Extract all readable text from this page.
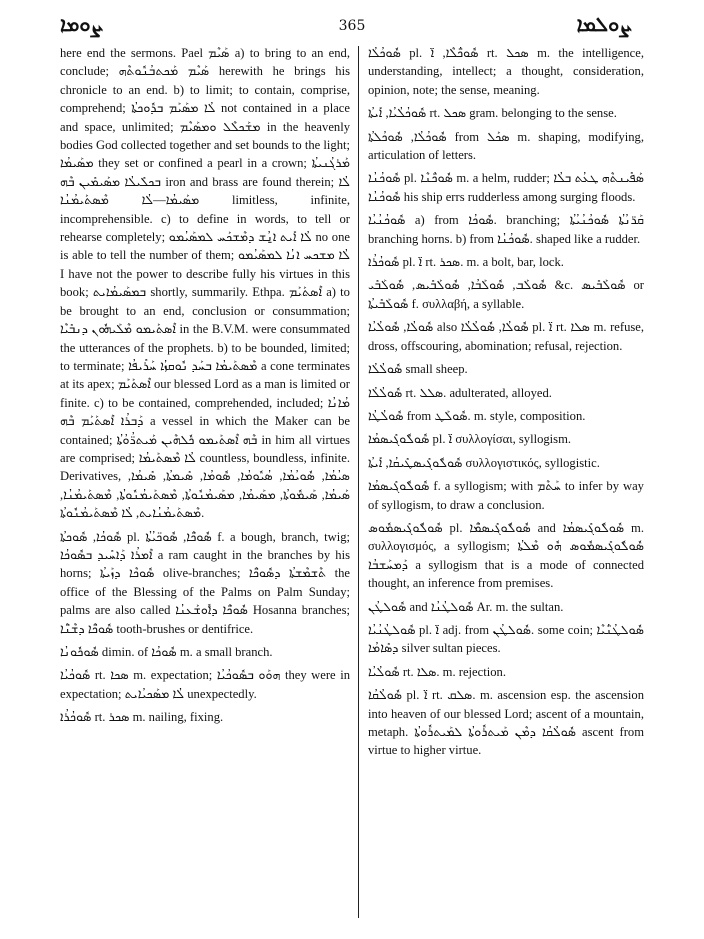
ܨܘܡܐ	365	ܨܘܠܡܐ

here end the sermons. Pael ܣܰܝܶܡ a) to bring to an end, conclude; ܣܰܝܶܡ ܡܰܟܬܒܳܢܽܘܬܶܗ herewith he brings his chronicle to an end. b) to limit; to contain, comprise, comprehend; ܠܳܐ ܡܣܰܝܰܡ ܒܕܽܘܟܬܳܐ not contained in a place and space, unlimited; ܡܫܰܟܠܶܠ ܘܡܣܰܝܶܡ in the heavenly bodies God collected together and set bounds to the light; ܡܣܰܝܡܳܐ they set or confined a pearl in a crown; ܡܰܪܓܳܢܝܬܳܐ ܒܟܠܺܝܠܳܐ ܡܣܰܝܡܺܝܢ ܒܶܗ iron and brass are found therein; ܠܳܐ ܡܣܰܝܡܳܐ—ܠܳܐ ܡܶܣܬܰܝܡܳܢܳܐ limitless, infinite, incomprehensible. c) to define in words, to tell or rehearse completely; ܠܳܐ ܐܺܝܬ ܐ̱ܢܳܫ ܕܡܶܫܟܰܚ ܠܡܣܰܝܳܡܘ no one is able to tell the number of them; ܠܳܐ ܡܫܟܚ ܐܢܳܐ ܠܡܣܰܝܳܡܘ I have not the power to describe fully his virtues in this book; ܒܡܣܰܝܡܳܐܝܬ shortly, summarily. Ethpa. ܐܶܣܬܰܝܰܡ a) to be brought to an end, conclusion or consummation; ܐܶܣܬܰܝܡܘ ܡܶܠܰܝܗܽܘܢ ܕܢܒܺܝܶܐ in the B.V.M. were consummated the utterances of the prophets. b) to be bounded, limited; to terminate; ܡܶܣܬܰܝܡܳܐ ܒܚܰܕ ܢܽܘܩܙܳܐ ܚܰܪܺܝܦܳܐ a cone terminates at its apex; ܐܶܣܬܰܝܰܡ our blessed Lord as a man is limited or finite. c) to be contained, comprehended, included; ܡܳܐܢܳܐ ܕܰܒܪܳܐ ܐܶܣܬܰܝܰܡ ܒܶܗ a vessel in which the Maker can be contained; ܒܶܗ ܐܶܣܬܰܝܡܘ ܟܽܠܗܶܝܢ ܡܰܝܬܪ̈ܳܘܳܬܳܐ in him all virtues are comprised; ܠܳܐ ܡܶܣܬܰܝܡܳܐ countless, boundless, infinite. Derivatives, ܣܝܳܡܳܐ, ܣܽܘܝܳܡܳܐ, ܣܳܝܽܘܡܳܐ, ܣܽܘܡܳܐ, ܣܺܝܡܬܳܐ, ܣܺܝܡܳܐ, ܣܰܝܡܳܐ, ܣܰܝܡܽܘܬܳܐ, ܡܣܰܝܡܳܐ, ܡܣܰܝܡܳܢܽܘܬܳܐ, ܡܶܣܬܰܝܡܳܢܽܘܬܳܐ, ܡܶܣܬܰܝܡܳܢܳܐ, ܡܶܣܬܰܝܡܳܢܳܐܝܬ, ܠܳܐ ܡܶܣܬܰܝܡܳܢܽܘܬܳܐ.

ܣܽܘܟܳܐ, ܣܽܘܟܬܳܐ pl. ܣܽܘܟ̈ܶܐ, ܣܽܘܟ̈ܝܳܬܳܐ f. a bough, branch, twig; ܐܶܡܪܳܐ ܕܰܐܚܺܝܕ ܒܣܽܘܟܳܐ a ram caught in the branches by his horns; ܣܽܘܟܶܐ ܕܙܰܝܬܳܐ olive-branches; ܬܶܫܡܶܫܬܳܐ ܕܣܽܘܟ̈ܶܐ the office of the Blessing of the Palms on Palm Sunday; palms are also called ܣܽܘܟ̈ܶܐ ܕܐܽܘܫܰܥܢܳܐ Hosanna branches; ܣܽܘܟ̈ܶܐ ܕܫܶܢ̈ܶܐ tooth-brushes or dentifrice.

ܣܽܘܟܽܘܢܳܐ dimin. of ܣܽܘܟܳܐ m. a small branch.

ܣܽܘܟܳܝܳܐ rt. ܣܟܐ m. expectation; ܗܘܰܘ ܒܣܽܘܟܳܝܳܐ they were in expectation; ܠܳܐ ܡܣܰܟܝܳܐܝܬ unexpectedly.

ܣܽܘܟܳܪܳܐ rt. ܣܟܪ m. nailing, fixing.

ܣܽܘܟܳܠܳܐ pl. ܣܽܘܟ̈ܳܠܶܐ, ܐ̈ rt. ܣܟܠ m. the intelligence, understanding, intellect; a thought, consideration, opinion, note; the sense, meaning.

ܣܽܘܟܳܠܳܝܳܐ, ܐܺܝܬܳܐ rt. ܣܟܠ gram. belonging to the sense.

ܣܽܘܟܳܠܳܐ, ܣܽܘܟܳܠܬܳܐ from ܣܟܰܠ m. shaping, modifying, articulation of letters.

ܣܽܘܟܳܢܳܐ pl. ܣܽܘܟ̈ܳܢܶܐ m. a helm, rudder; ܣܰܦܺܝܢܬܶܗ ܛܥܳܬ ܒܠܳܐ ܣܽܘܟܳܢܳܐ his ship errs rudderless among surging floods.

ܣܽܘܟܳܢܳܝܳܐ a) from ܣܽܘܟܳܐ. branching; ܩܰܪ̈ܢܳܬܳܐ ܣܽܘܟܳܢܳܝܳܬܳܐ branching horns. b) from ܣܽܘܟܳܢܳܐ. shaped like a rudder.

ܣܽܘܟܳܪܳܐ pl. ܐ̈ rt. ܣܟܪ. m. a bolt, bar, lock.

ܣܽܘܠܰܒ, ܣܽܘܠܰܒܳܐ, ܣܽܘܠܰܒܺܝܣ, ܣܽܘܠܰܒܺܝ &c. ܣܽܘܠܰܒܺܝܣ or ܣܽܘܠܰܒܺܝܬܳܐ f. συλλαβή, a syllable.

ܣܽܘܠܳܐ, ܣܽܘܠܳܝܳܐ also ܣܽܘܠܳܐ, ܣܽܘܠܳܠܳܐ pl. ܐ̈ rt. ܣܠܐ m. refuse, dross, offscouring, abomination; refusal, rejection.

ܣܽܘܠܳܠܳܐ small sheep.

ܣܽܘܠܳܠܳܐ rt. ܣܠܠ. adulterated, alloyed.

ܣܽܘܠܳܛܳܐ from ܣܽܘܠܰܛ. m. style, composition.

ܣܽܘܠܽܘܓܺܝܣܡܳܐ pl. ܐ̈ συλλογίσαι, syllogism.

ܣܽܘܠܽܘܓܺܝܣܛܺܝܩܳܐ, ܐܺܝܬܳܐ συλλογιστικός, syllogistic.

ܣܽܘܠܽܘܓܺܝܣܡܳܐ f. a syllogism; with ܚܰܬܶܡ to infer by way of syllogism, to draw a conclusion.

ܣܽܘܠܽܘܓܺܝܣܡܽܘܣ pl. ܣܽܘܠܽܘܓܺܝܣܡ̈ܶܐ and ܣܽܘܠܽܘܓܺܝܣܡܳܐ m. συλλογισμός, a syllogism; ܣܽܘܠܽܘܓܺܝܣܡܽܘܣ ܗܽܘ ܡܶܠܬܳܐ ܕܰܡܚܰܫܒܳܐ a syllogism that is a mode of connected thought, an inference from premises.

ܣܽܘܠܛܳܢ and ܣܽܘܠܛܳܢܳܐ Ar. m. the sultan.

ܣܽܘܠܛܳܢܳܝܳܐ pl. ܐ̈ adj. from ܣܽܘܠܛܳܢ. some coin; ܣܽܘܠܛܳܢ̈ܳܝܶܐ ܕܣܺܐܡܳܐ silver sultan pieces.

ܣܽܘܠܳܝܳܐ rt. ܣܠܐ. m. rejection.

ܣܽܘܠܳܩܳܐ pl. ܐ̈ rt. ܣܠܩ. m. ascension esp. the ascension into heaven of our blessed Lord; ascent of a mountain, metaph. ܣܽܘܠܳܩܳܐ ܕܡܶܢ ܡܰܝܬܪܽܘܬܳܐ ܠܡܰܝܬܪܽܘܬܳܐ ascent from virtue to higher virtue.
